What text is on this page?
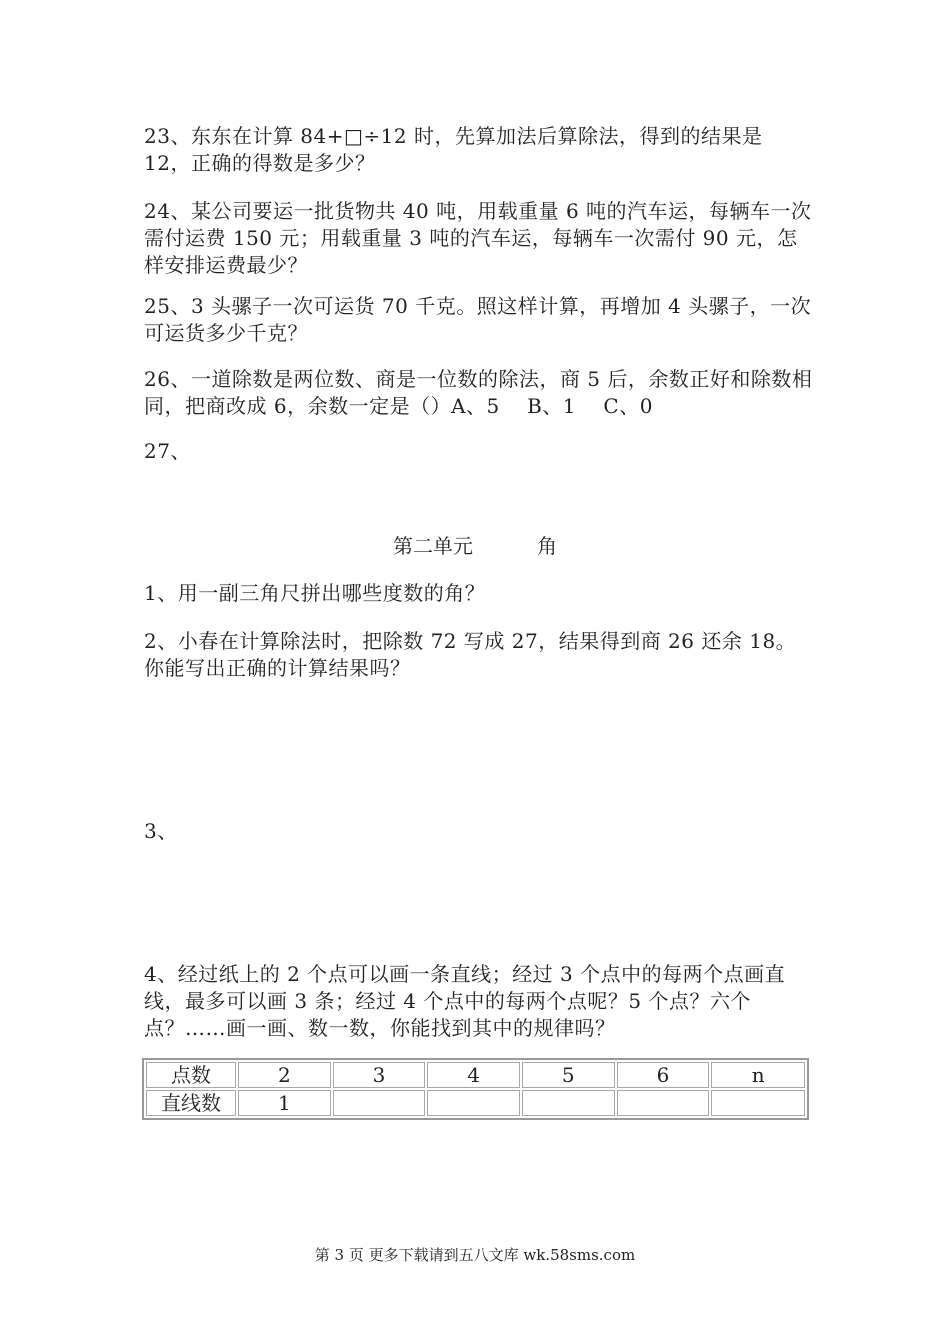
23、东东在计算 84+□÷12 时，先算加法后算除法，得到的结果是 12，正确的得数是多少？

24、某公司要运一批货物共 40 吨，用载重量 6 吨的汽车运，每辆车一次需付运费 150 元；用载重量 3 吨的汽车运，每辆车一次需付 90 元，怎样安排运费最少？

25、3 头骡子一次可运货 70 千克。照这样计算，再增加 4 头骡子，一次可运货多少千克？

26、一道除数是两位数、商是一位数的除法，商 5 后，余数正好和除数相同，把商改成 6，余数一定是（）A、5　 B、1　 C、0

27、

第二单元	角

1、用一副三角尺拼出哪些度数的角？

2、小春在计算除法时，把除数 72 写成 27，结果得到商 26 还余 18。你能写出正确的计算结果吗？

3、

4、经过纸上的 2 个点可以画一条直线；经过 3 个点中的每两个点画直线，最多可以画 3 条；经过 4 个点中的每两个点呢？5 个点？六个点？……画一画、数一数，你能找到其中的规律吗？

点数	2	3	4	5	6	n
直线数	1					
第 3 页 更多下载请到五八文库 wk.58sms.com
